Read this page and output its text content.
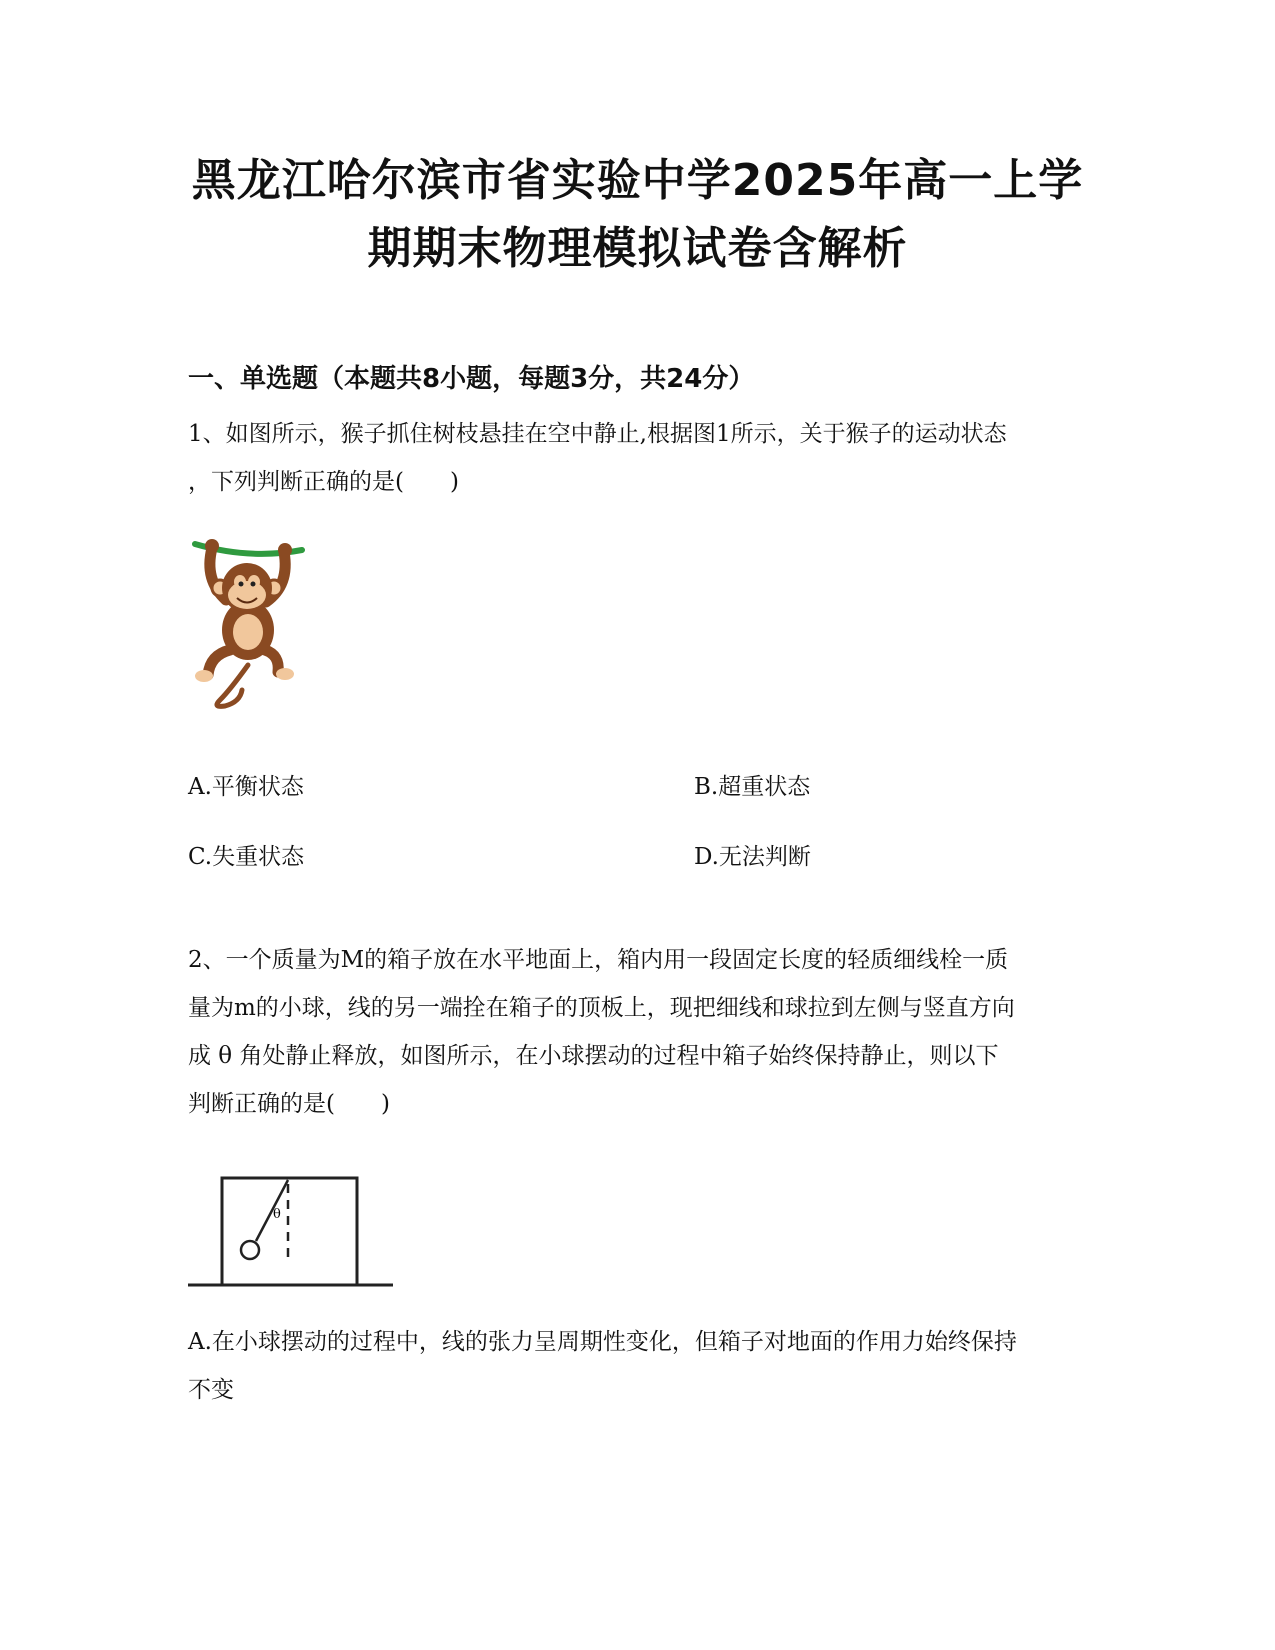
黑龙江哈尔滨市省实验中学2025年高一上学
期期末物理模拟试卷含解析
一、单选题（本题共8小题，每题3分，共24分）
1、如图所示，猴子抓住树枝悬挂在空中静止,根据图1所示，关于猴子的运动状态
，下列判断正确的是(　　)
A.平衡状态	B.超重状态
C.失重状态	D.无法判断
2、一个质量为M的箱子放在水平地面上，箱内用一段固定长度的轻质细线栓一质
量为m的小球，线的另一端拴在箱子的顶板上，现把细线和球拉到左侧与竖直方向
成 θ 角处静止释放，如图所示，在小球摆动的过程中箱子始终保持静止，则以下
判断正确的是(　　)
θ
A.在小球摆动的过程中，线的张力呈周期性变化，但箱子对地面的作用力始终保持
不变
